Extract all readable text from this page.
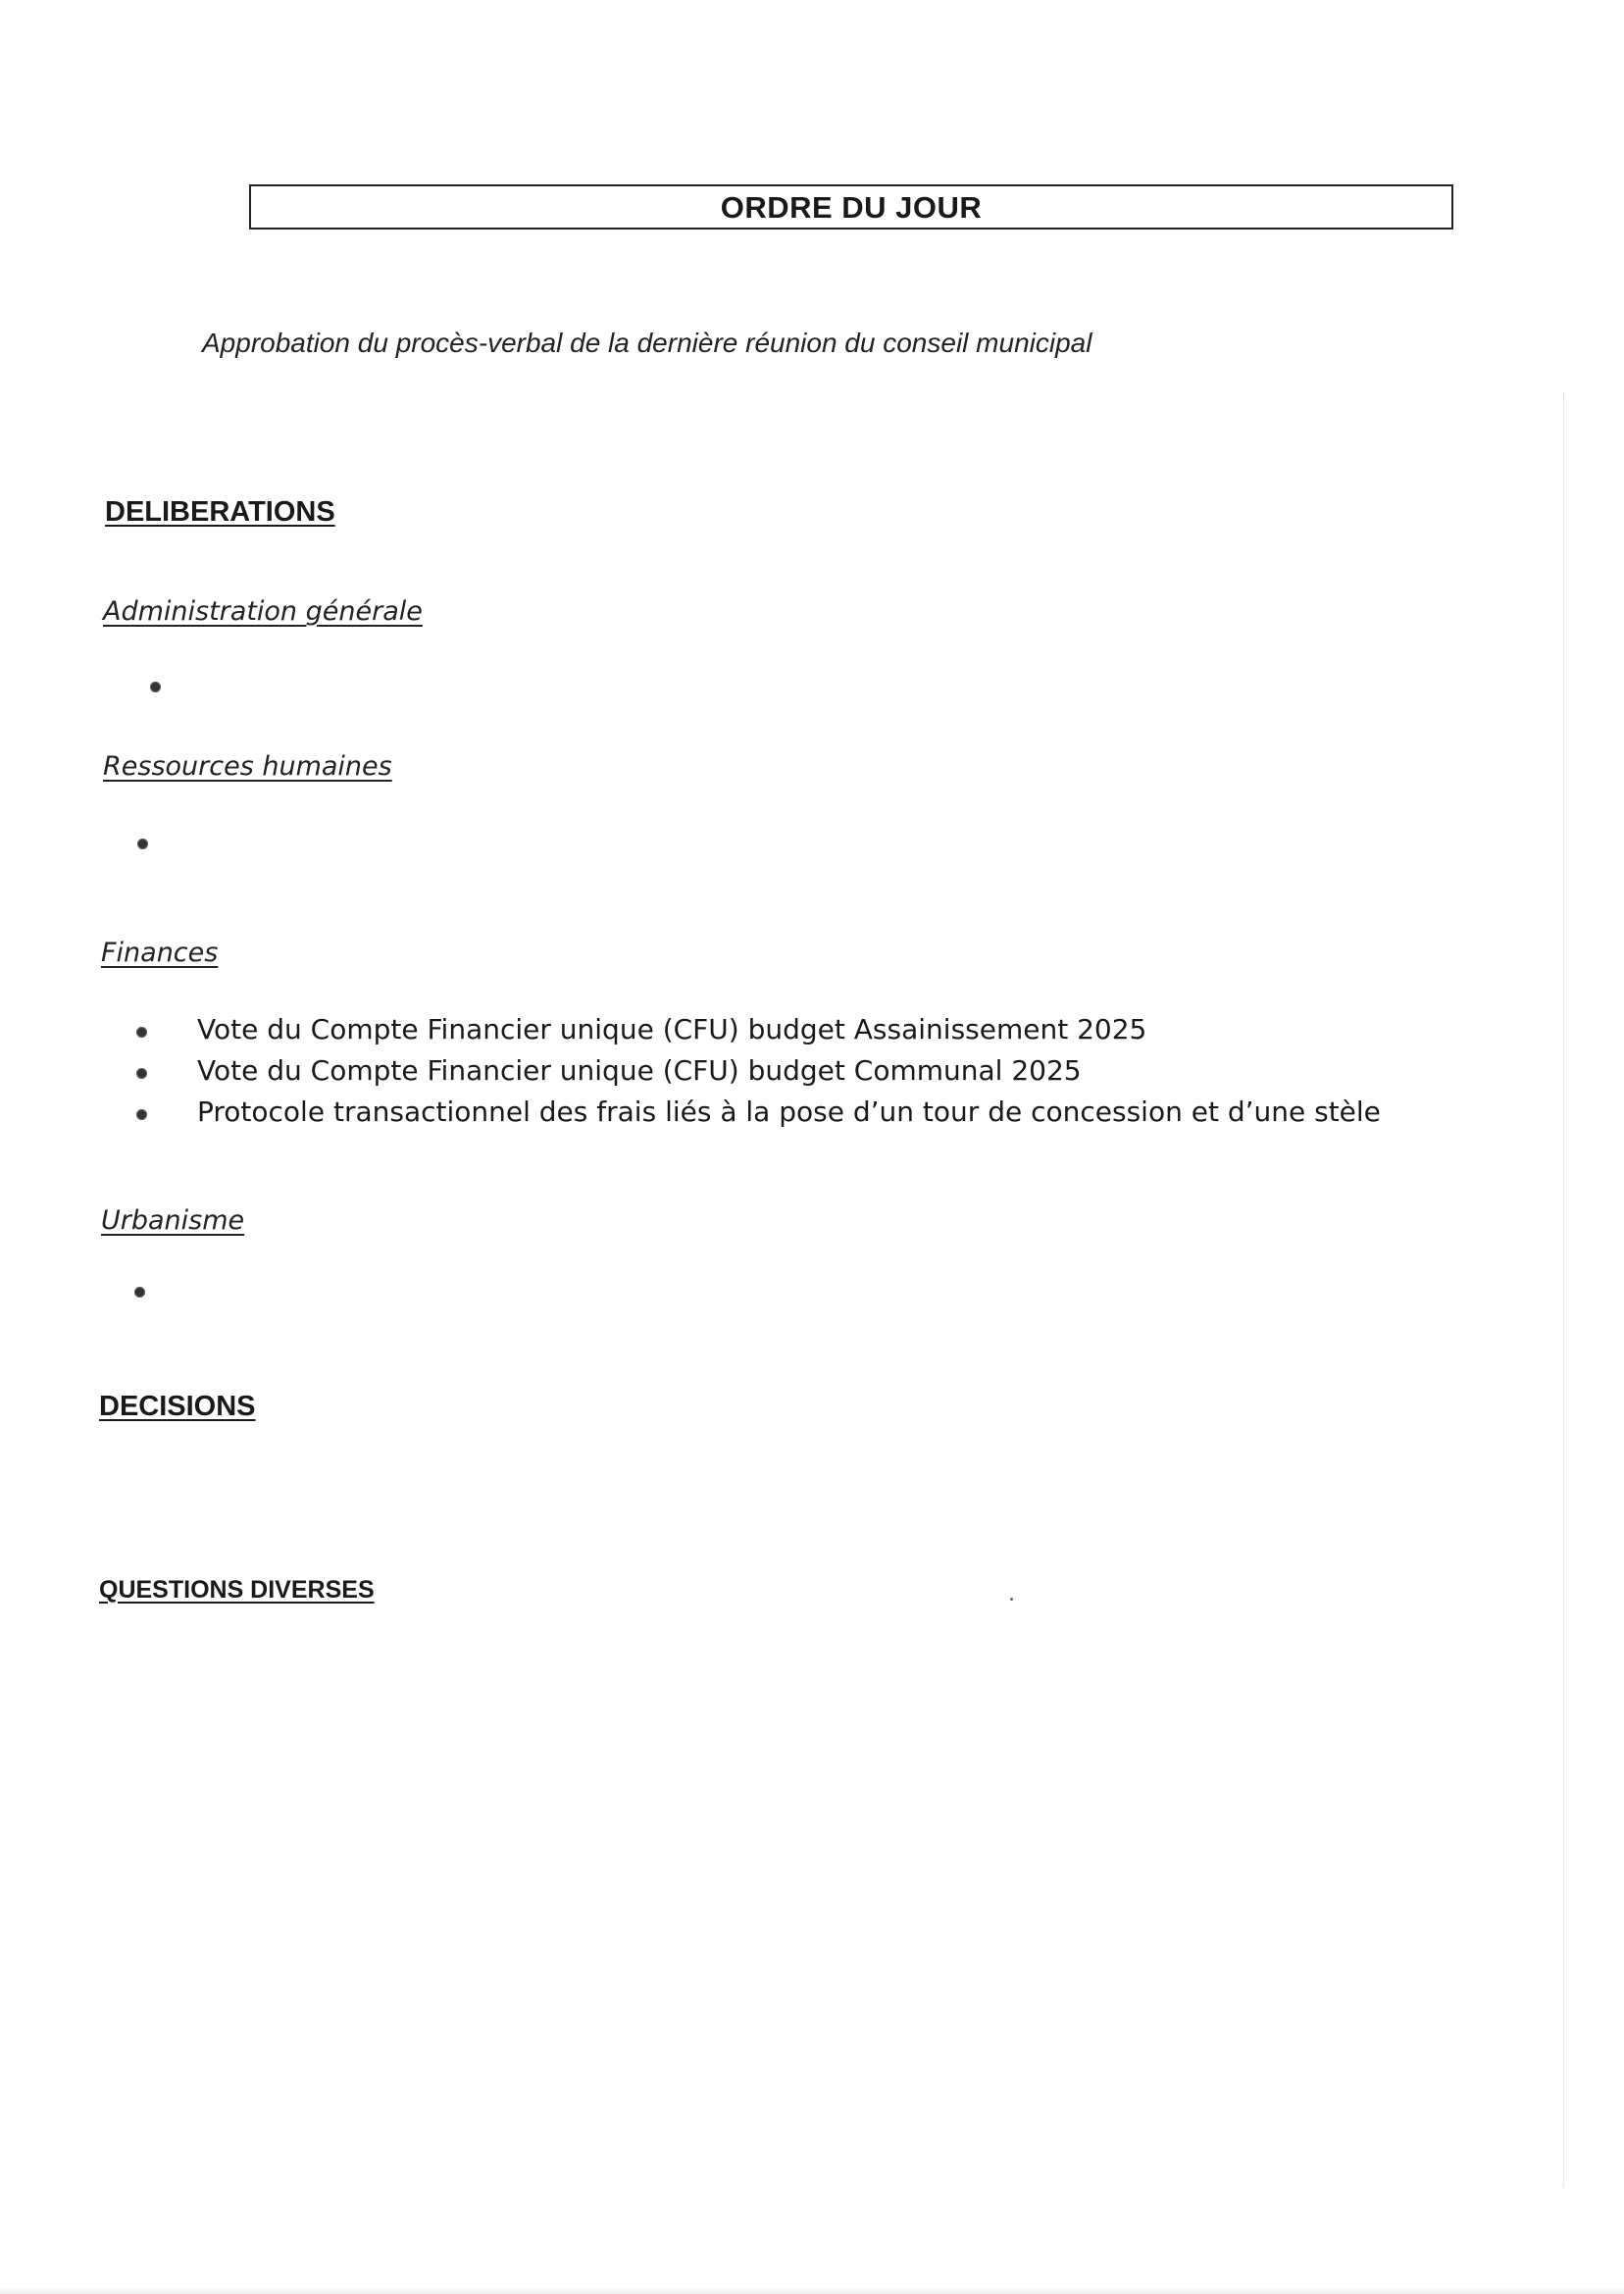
ORDRE DU JOUR
Approbation du procès-verbal de la dernière réunion du conseil municipal
DELIBERATIONS
Administration générale
Ressources humaines
Finances
Vote du Compte Financier unique (CFU) budget Assainissement 2025
Vote du Compte Financier unique (CFU) budget Communal 2025
Protocole transactionnel des frais liés à la pose d’un tour de concession et d’une stèle
Urbanisme
DECISIONS
QUESTIONS DIVERSES
